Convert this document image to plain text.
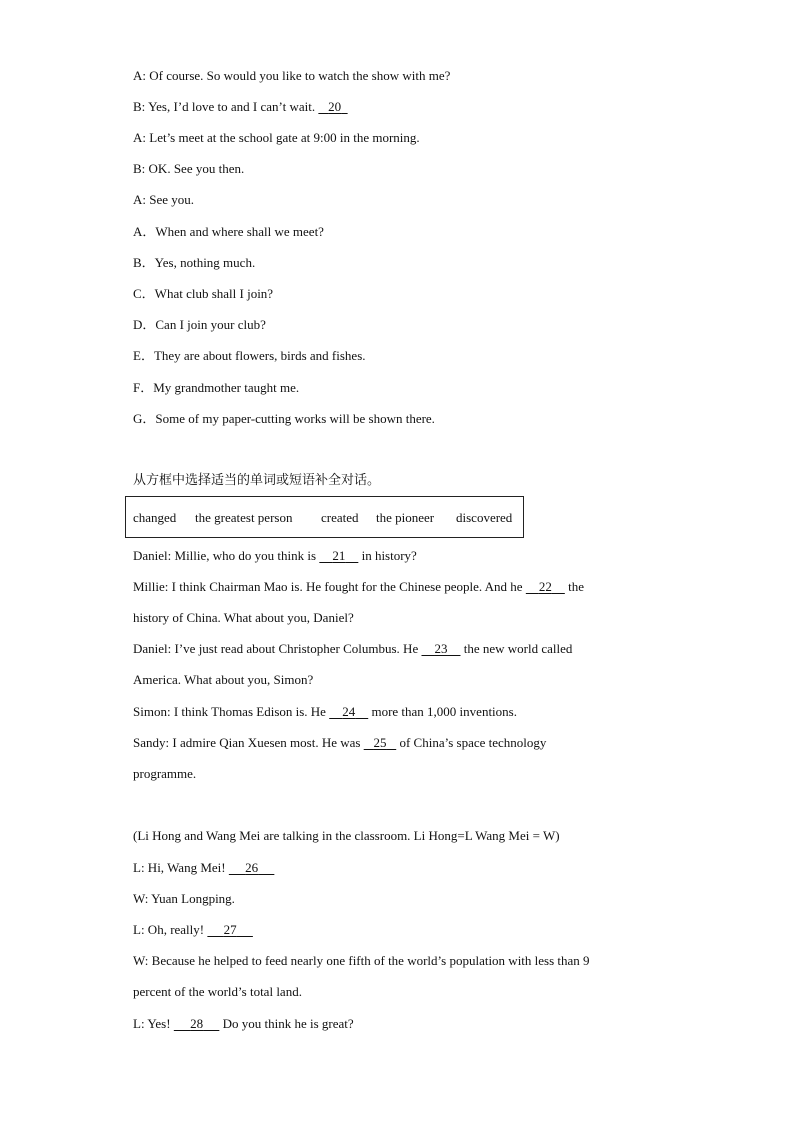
A: Of course. So would you like to watch the show with me?
B: Yes, I’d love to and I can’t wait. 20
A: Let’s meet at the school gate at 9:00 in the morning.
B: OK. See you then.
A: See you.
A．When and where shall we meet?
B．Yes, nothing much.
C．What club shall I join?
D．Can I join your club?
E．They are about flowers, birds and fishes.
F．My grandmother taught me.
G．Some of my paper-cutting works will be shown there.
从方框中选择适当的单词或短语补全对话。
changed the greatest person created the pioneer discovered
Daniel: Millie, who do you think is 21 in history?
Millie: I think Chairman Mao is. He fought for the Chinese people. And he 22 the
history of China. What about you, Daniel?
Daniel: I’ve just read about Christopher Columbus. He 23 the new world called
America. What about you, Simon?
Simon: I think Thomas Edison is. He 24 more than 1,000 inventions.
Sandy: I admire Qian Xuesen most. He was 25 of China’s space technology
programme.
(Li Hong and Wang Mei are talking in the classroom. Li Hong=L Wang Mei = W)
L: Hi, Wang Mei! 26
W: Yuan Longping.
L: Oh, really! 27
W: Because he helped to feed nearly one fifth of the world’s population with less than 9
percent of the world’s total land.
L: Yes! 28 Do you think he is great?
